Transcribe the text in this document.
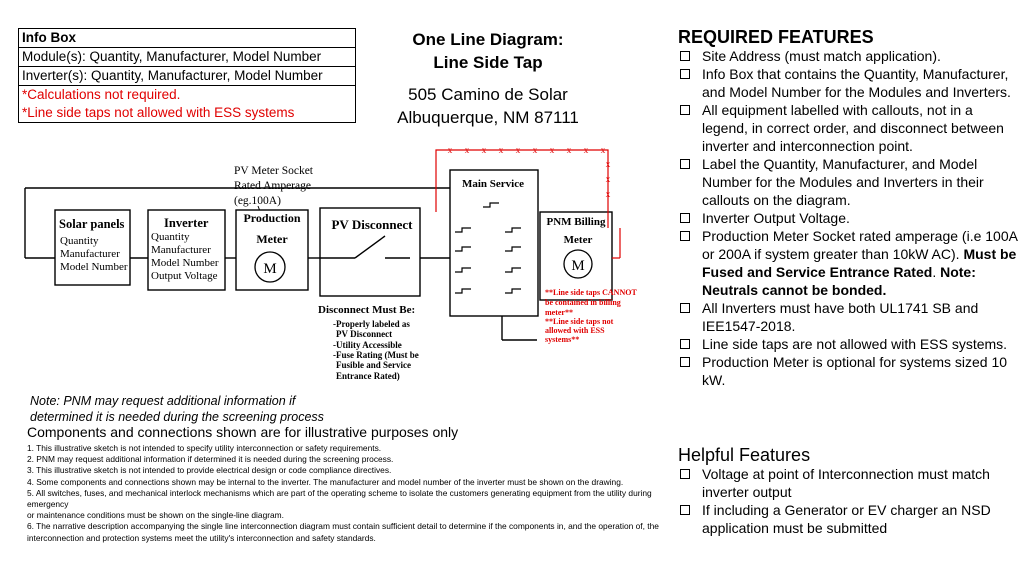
Info Box
Module(s): Quantity, Manufacturer, Model Number
Inverter(s): Quantity, Manufacturer, Model Number
*Calculations not required.
*Line side taps not allowed with ESS systems
One Line Diagram:
Line Side Tap
505 Camino de Solar
Albuquerque, NM 87111
PV Meter Socket
Rated Amperage
(eg.100A)
Solar panels
Quantity
Manufacturer
Model Number
Inverter
Quantity
Manufacturer
Model Number
Output Voltage
Production
Meter
M
PV Disconnect
Disconnect Must Be:
-Properly labeled as
PV Disconnect
-Utility Accessible
-Fuse Rating (Must be
Fusible and Service
Entrance Rated)
Main Service
PNM Billing
Meter
M
x x x x x x x x x x
x
x
x
**Line side taps CANNOT
be contained in billing
meter**
**Line side taps not
allowed with ESS
systems**
Note: PNM may request additional information if
determined it is needed during the screening process
Components and connections shown are for illustrative purposes only
1. This illustrative sketch is not intended to specify utility interconnection or safety requirements.
2. PNM may request additional information if determined it is needed during the screening process.
3. This illustrative sketch is not intended to provide electrical design or code compliance directives.
4. Some components and connections shown may be internal to the inverter. The manufacturer and model number of the inverter must be shown on the drawing.
5. All switches, fuses, and mechanical interlock mechanisms which are part of the operating scheme to isolate the customers generating equipment from the utility during emergency
or maintenance conditions must be shown on the single-line diagram.
6. The narrative description accompanying the single line interconnection diagram must contain sufficient detail to determine if the components in, and the operation of, the
interconnection and protection systems meet the utility's interconnection and safety standards.
REQUIRED FEATURES
Site Address (must match application).
Info Box that contains the Quantity, Manufacturer, and Model Number for the Modules and Inverters.
All equipment labelled with callouts, not in a legend, in correct order, and disconnect between inverter and interconnection point.
Label the Quantity, Manufacturer, and Model Number for the Modules and Inverters in their callouts on the diagram.
Inverter Output Voltage.
Production Meter Socket rated amperage (i.e 100A or 200A if system greater than 10kW AC). Must be Fused and Service Entrance Rated. Note: Neutrals cannot be bonded.
All Inverters must have both UL1741 SB and IEE1547-2018.
Line side taps are not allowed with ESS systems.
Production Meter is optional for systems sized 10 kW.
Helpful Features
Voltage at point of Interconnection must match inverter output
If including a Generator or EV charger an NSD application must be submitted
